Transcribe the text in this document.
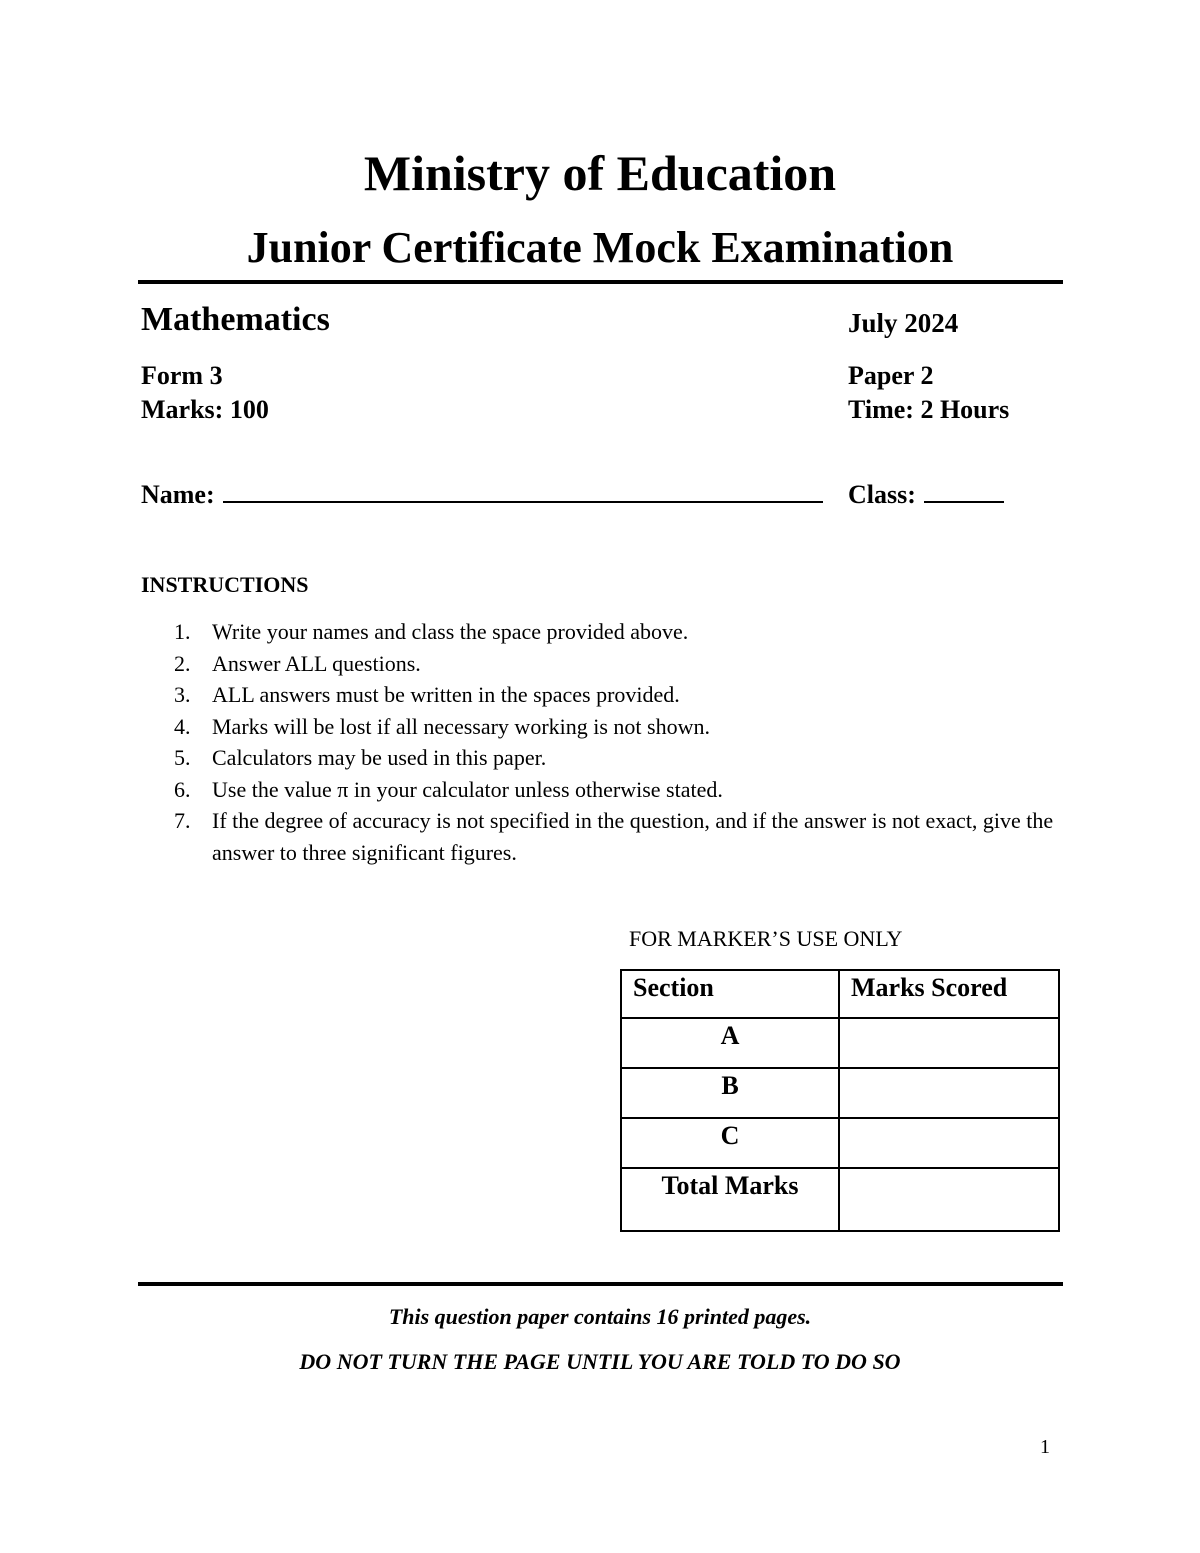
Ministry of Education
Junior Certificate Mock Examination
Mathematics	July 2024
Form 3	Paper 2
Marks: 100	Time: 2 Hours
Name:	Class:
INSTRUCTIONS
1. Write your names and class the space provided above.
2. Answer ALL questions.
3. ALL answers must be written in the spaces provided.
4. Marks will be lost if all necessary working is not shown.
5. Calculators may be used in this paper.
6. Use the value π in your calculator unless otherwise stated.
7. If the degree of accuracy is not specified in the question, and if the answer is not exact, give the answer to three significant figures.
FOR MARKER’S USE ONLY
Section	Marks Scored
A	
B	
C	
Total Marks	
This question paper contains 16 printed pages.
DO NOT TURN THE PAGE UNTIL YOU ARE TOLD TO DO SO
1
